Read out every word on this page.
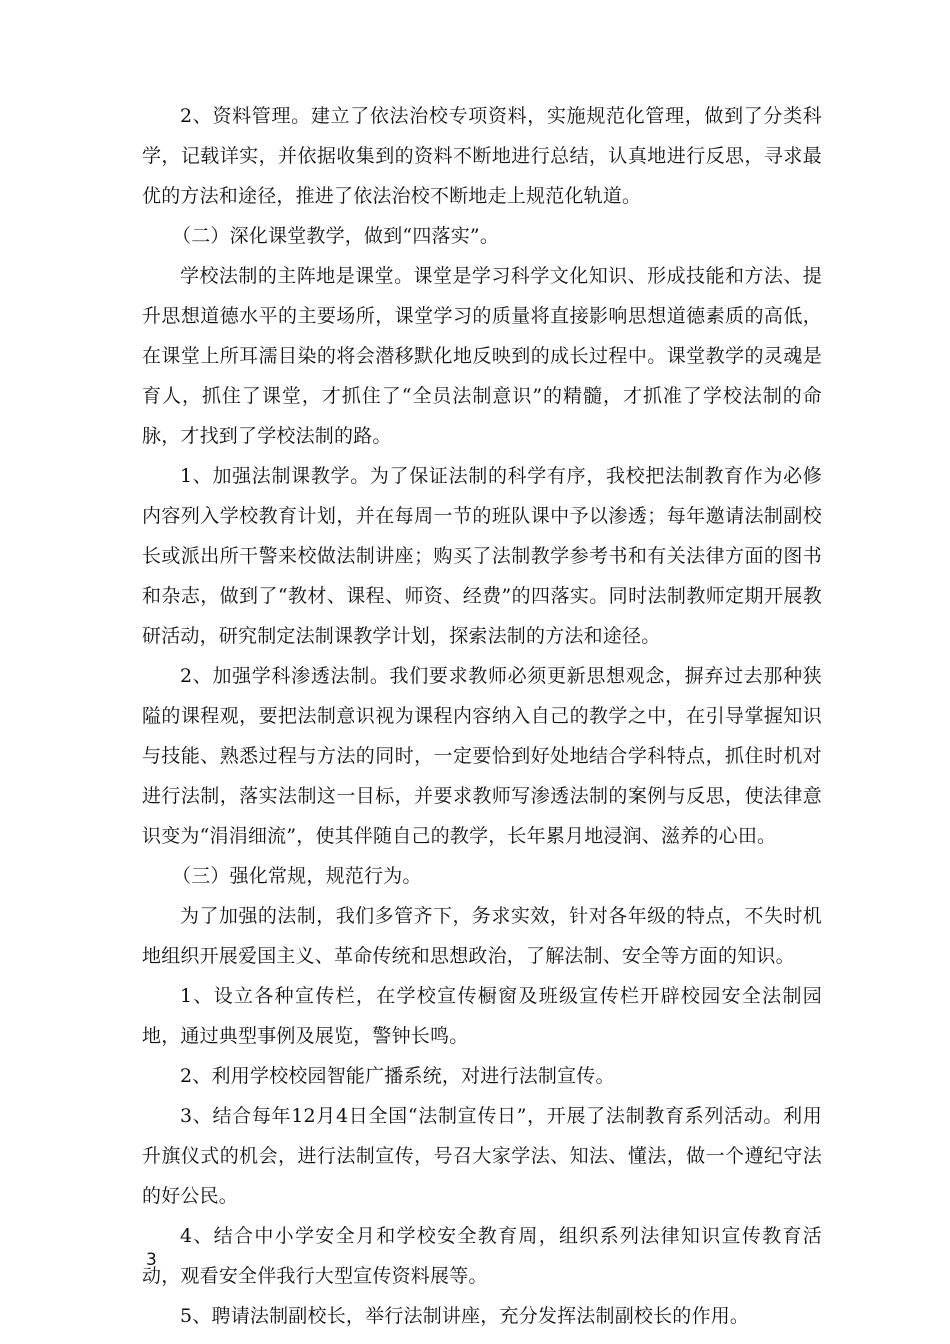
2、资料管理。建立了依法治校专项资料，实施规范化管理，做到了分类科学，记载详实，并依据收集到的资料不断地进行总结，认真地进行反思，寻求最优的方法和途径，推进了依法治校不断地走上规范化轨道。

（二）深化课堂教学，做到“四落实”。

学校法制的主阵地是课堂。课堂是学习科学文化知识、形成技能和方法、提升思想道德水平的主要场所，课堂学习的质量将直接影响思想道德素质的高低，在课堂上所耳濡目染的将会潜移默化地反映到的成长过程中。课堂教学的灵魂是育人，抓住了课堂，才抓住了“全员法制意识”的精髓，才抓准了学校法制的命脉，才找到了学校法制的路。

1、加强法制课教学。为了保证法制的科学有序，我校把法制教育作为必修内容列入学校教育计划，并在每周一节的班队课中予以渗透；每年邀请法制副校长或派出所干警来校做法制讲座；购买了法制教学参考书和有关法律方面的图书和杂志，做到了“教材、课程、师资、经费”的四落实。同时法制教师定期开展教研活动，研究制定法制课教学计划，探索法制的方法和途径。

2、加强学科渗透法制。我们要求教师必须更新思想观念，摒弃过去那种狭隘的课程观，要把法制意识视为课程内容纳入自己的教学之中，在引导掌握知识与技能、熟悉过程与方法的同时，一定要恰到好处地结合学科特点，抓住时机对进行法制，落实法制这一目标，并要求教师写渗透法制的案例与反思，使法律意识变为“涓涓细流”，使其伴随自己的教学，长年累月地浸润、滋养的心田。

（三）强化常规，规范行为。

为了加强的法制，我们多管齐下，务求实效，针对各年级的特点，不失时机地组织开展爱国主义、革命传统和思想政治，了解法制、安全等方面的知识。

1、设立各种宣传栏，在学校宣传橱窗及班级宣传栏开辟校园安全法制园地，通过典型事例及展览，警钟长鸣。

2、利用学校校园智能广播系统，对进行法制宣传。

3、结合每年12月4日全国“法制宣传日”，开展了法制教育系列活动。利用升旗仪式的机会，进行法制宣传，号召大家学法、知法、懂法，做一个遵纪守法的好公民。

4、结合中小学安全月和学校安全教育周，组织系列法律知识宣传教育活动，观看安全伴我行大型宣传资料展等。

5、聘请法制副校长，举行法制讲座，充分发挥法制副校长的作用。

3
